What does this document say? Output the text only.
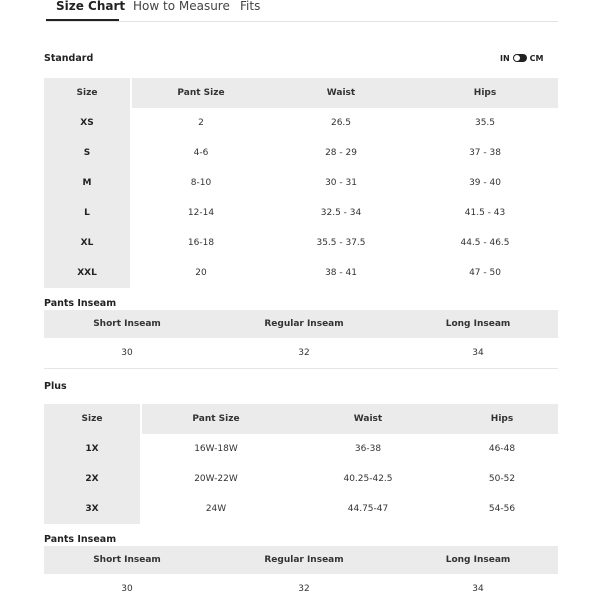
Size Chart How to Measure Fits
Standard	IN	CM
Size	Pant Size	Waist	Hips
XS	2	26.5	35.5
S	4-6	28 - 29	37 - 38
M	8-10	30 - 31	39 - 40
L	12-14	32.5 - 34	41.5 - 43
XL	16-18	35.5 - 37.5	44.5 - 46.5
XXL	20	38 - 41	47 - 50
Pants Inseam
Short Inseam	Regular Inseam	Long Inseam
30	32	34
Plus
Size	Pant Size	Waist	Hips
1X	16W-18W	36-38	46-48
2X	20W-22W	40.25-42.5	50-52
3X	24W	44.75-47	54-56
Pants Inseam
Short Inseam	Regular Inseam	Long Inseam
30	32	34
